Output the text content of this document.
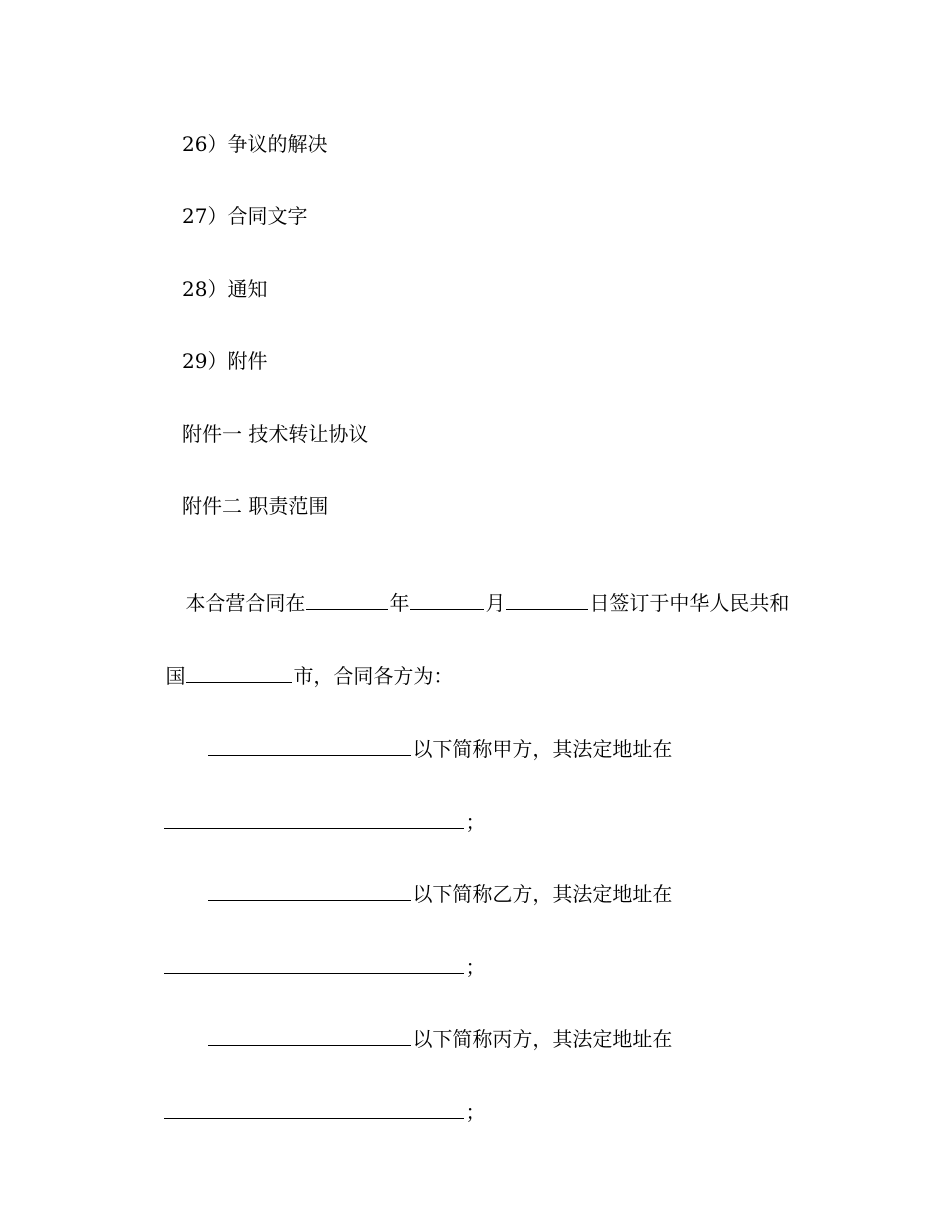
26）争议的解决
27）合同文字
28）通知
29）附件
附件一 技术转让协议
附件二 职责范围

本合营合同在	年	月	日签订于中华人民共和

国	市，合同各方为：

以下简称甲方，其法定地址在

；

以下简称乙方，其法定地址在

；

以下简称丙方，其法定地址在

；
